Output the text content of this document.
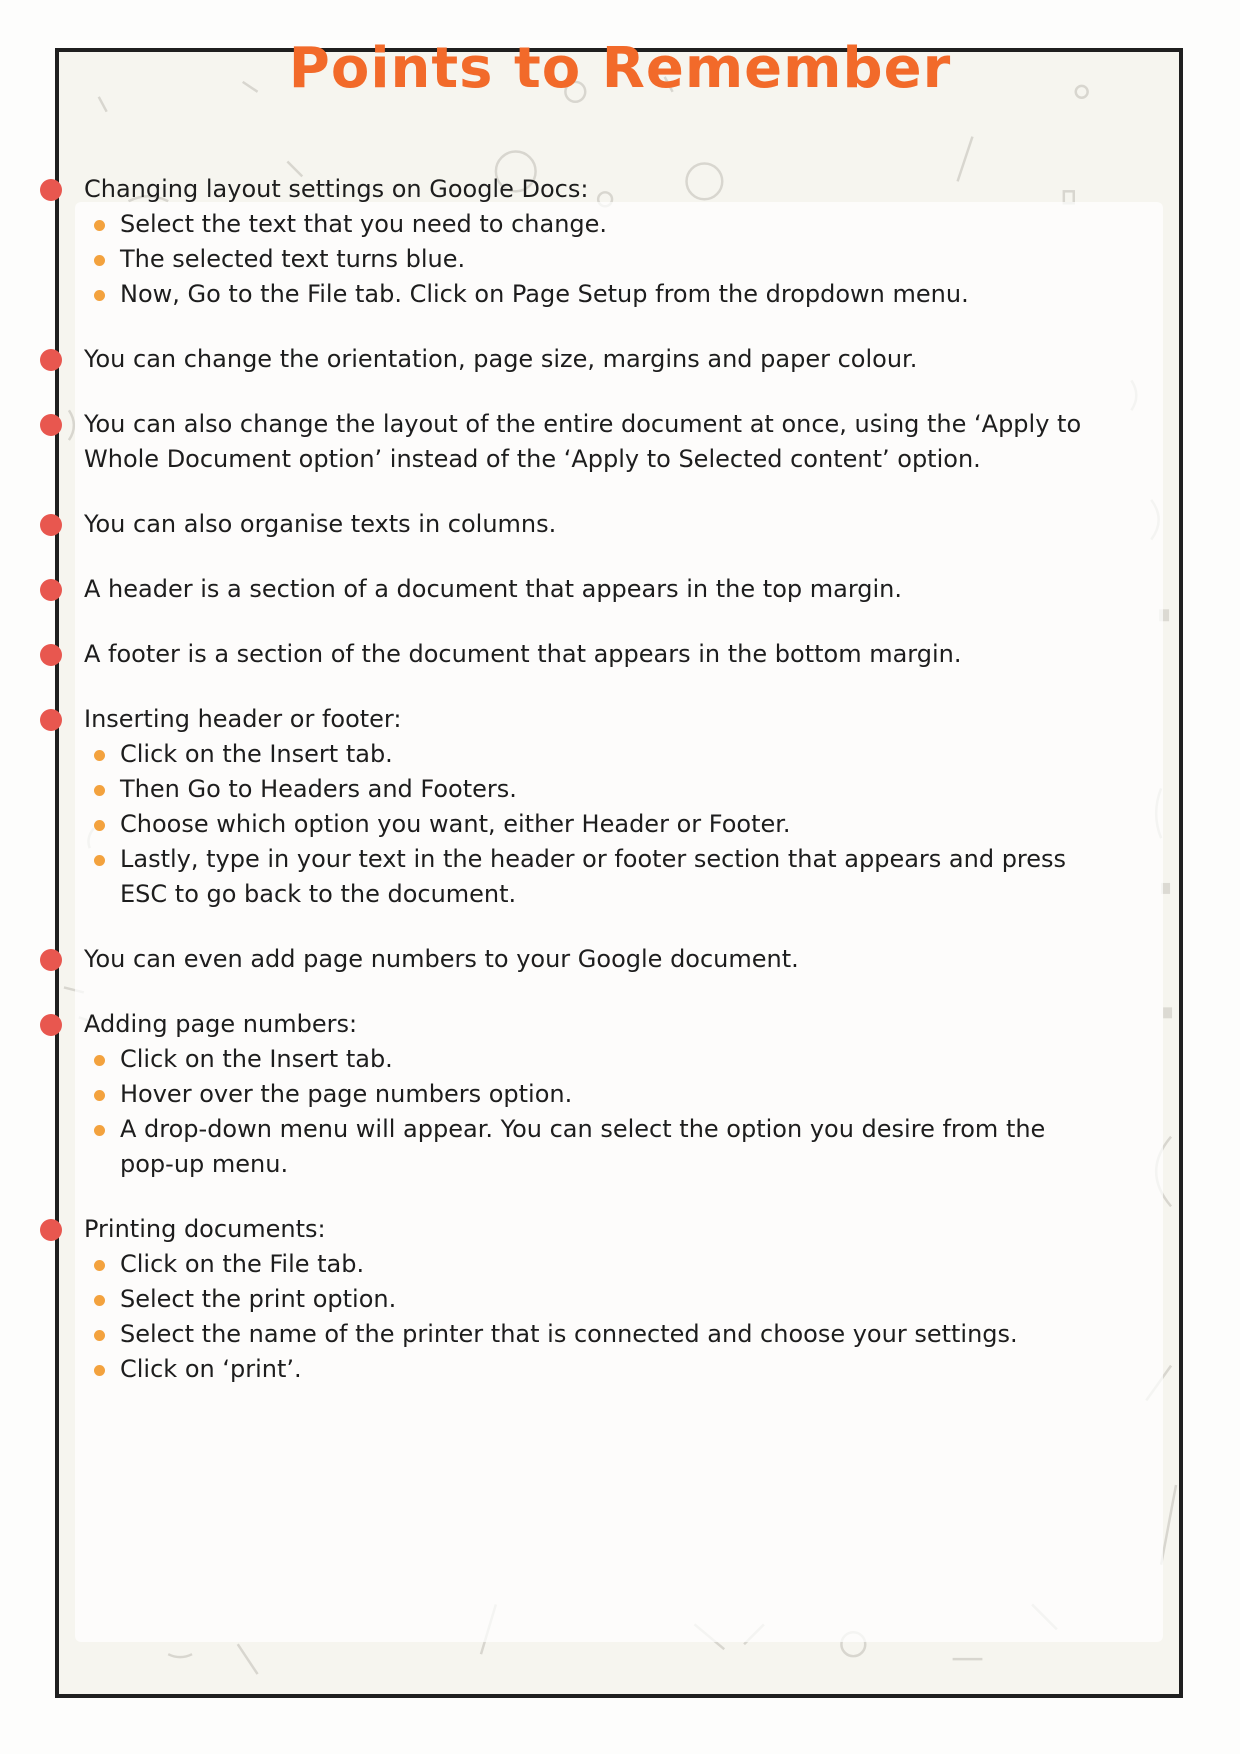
Points to Remember
Changing layout settings on Google Docs:
Select the text that you need to change.
The selected text turns blue.
Now, Go to the File tab. Click on Page Setup from the dropdown menu.
You can change the orientation, page size, margins and paper colour.
You can also change the layout of the entire document at once, using the ‘Apply to Whole Document option’ instead of the ‘Apply to Selected content’ option.
You can also organise texts in columns.
A header is a section of a document that appears in the top margin.
A footer is a section of the document that appears in the bottom margin.
Inserting header or footer:
Click on the Insert tab.
Then Go to Headers and Footers.
Choose which option you want, either Header or Footer.
Lastly, type in your text in the header or footer section that appears and press ESC to go back to the document.
You can even add page numbers to your Google document.
Adding page numbers:
Click on the Insert tab.
Hover over the page numbers option.
A drop-down menu will appear. You can select the option you desire from the pop-up menu.
Printing documents:
Click on the File tab.
Select the print option.
Select the name of the printer that is connected and choose your settings.
Click on ‘print’.
